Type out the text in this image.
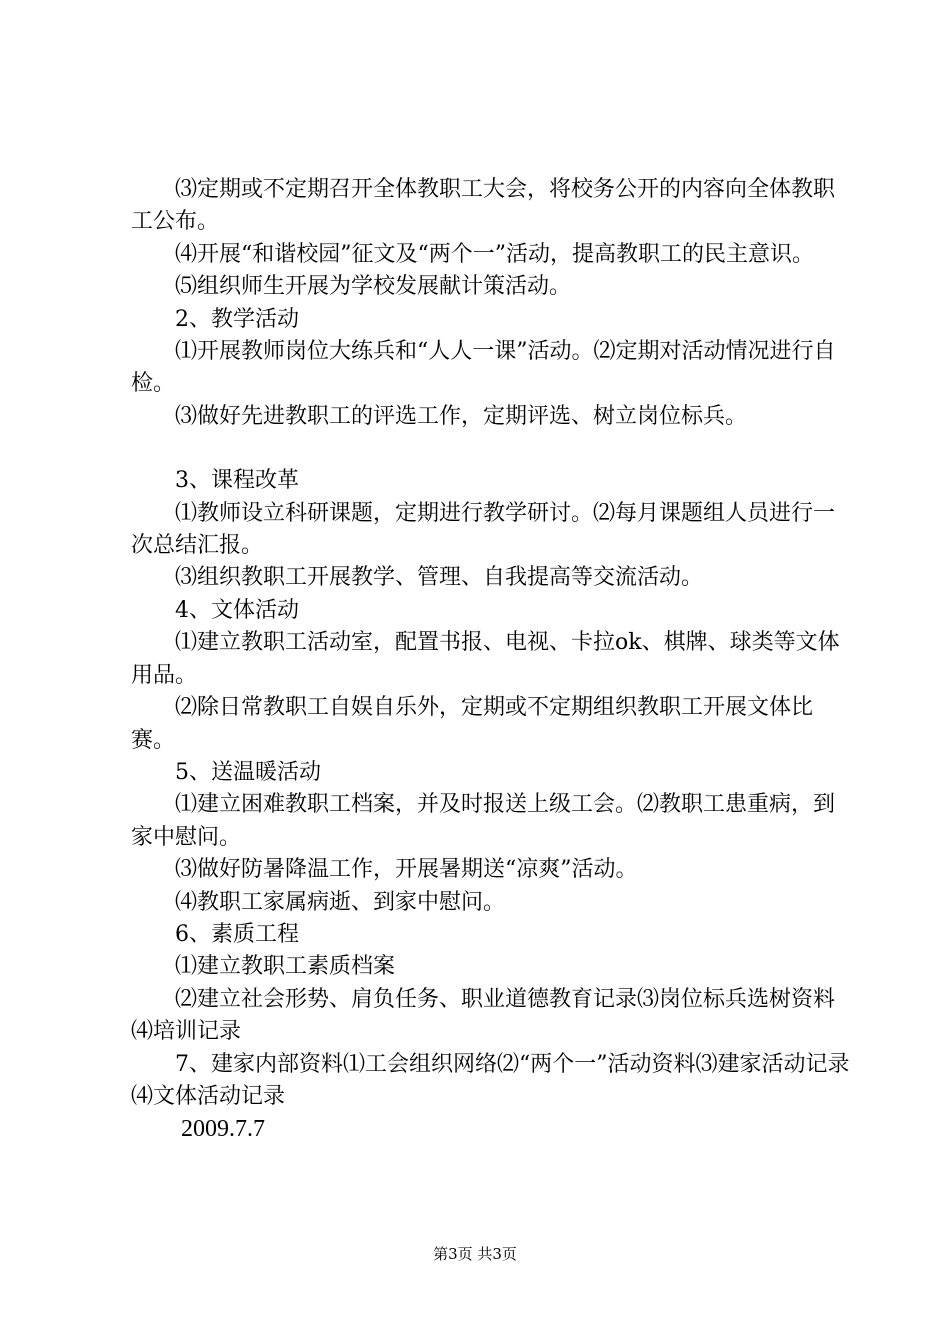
⑶定期或不定期召开全体教职工大会，将校务公开的内容向全体教职工公布。

⑷开展“和谐校园”征文及“两个一”活动，提高教职工的民主意识。

⑸组织师生开展为学校发展献计策活动。

2、教学活动

⑴开展教师岗位大练兵和“人人一课”活动。⑵定期对活动情况进行自检。

⑶做好先进教职工的评选工作，定期评选、树立岗位标兵。

3、课程改革

⑴教师设立科研课题，定期进行教学研讨。⑵每月课题组人员进行一次总结汇报。

⑶组织教职工开展教学、管理、自我提高等交流活动。

4、文体活动

⑴建立教职工活动室，配置书报、电视、卡拉ok、棋牌、球类等文体用品。

⑵除日常教职工自娱自乐外，定期或不定期组织教职工开展文体比赛。

5、送温暖活动

⑴建立困难教职工档案，并及时报送上级工会。⑵教职工患重病，到家中慰问。

⑶做好防暑降温工作，开展暑期送“凉爽”活动。

⑷教职工家属病逝、到家中慰问。

6、素质工程

⑴建立教职工素质档案

⑵建立社会形势、肩负任务、职业道德教育记录⑶岗位标兵选树资料⑷培训记录

7、建家内部资料⑴工会组织网络⑵“两个一”活动资料⑶建家活动记录⑷文体活动记录

2009.7.7

第3页 共3页
